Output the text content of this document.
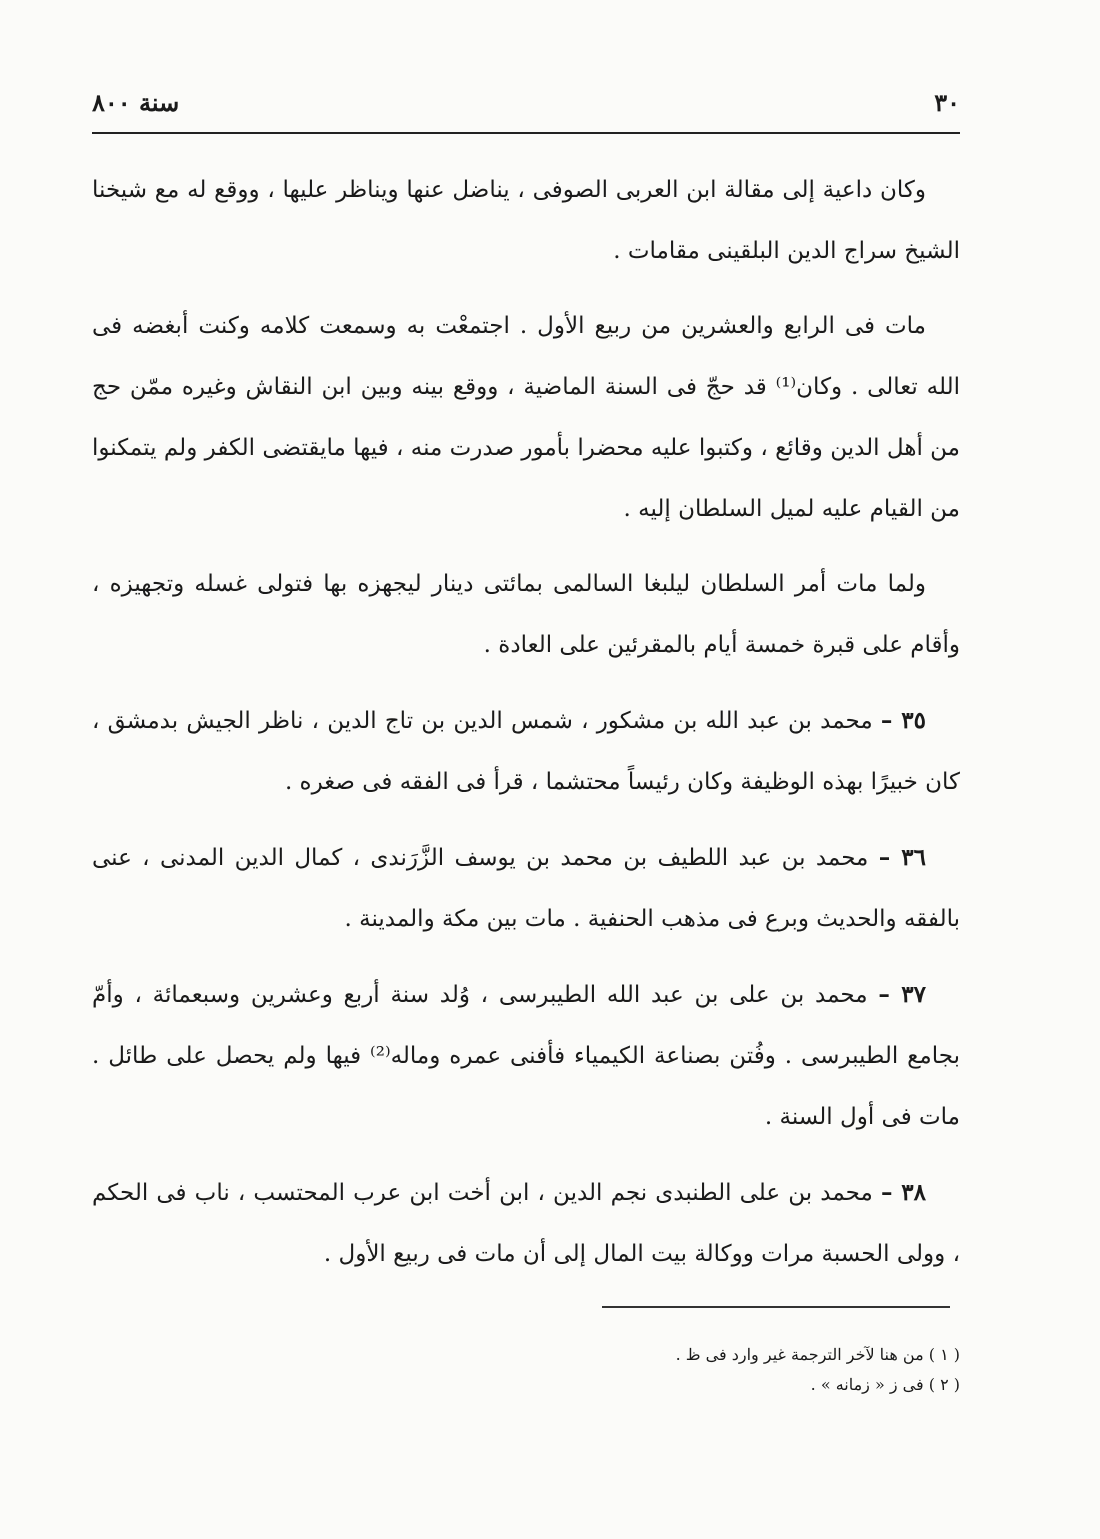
٣٠
سنة ٨٠٠

وكان داعية إلى مقالة ابن العربى الصوفى ، يناضل عنها ويناظر عليها ، ووقع له مع شيخنا الشيخ سراج الدين البلقينى مقامات .

مات فى الرابع والعشرين من ربيع الأول . اجتمعْت به وسمعت كلامه وكنت أبغضه فى الله تعالى . وكان⁽¹⁾ قد حجّ فى السنة الماضية ، ووقع بينه وبين ابن النقاش وغيره ممّن حج من أهل الدين وقائع ، وكتبوا عليه محضرا بأمور صدرت منه ، فيها مايقتضى الكفر ولم يتمكنوا من القيام عليه لميل السلطان إليه .

ولما مات أمر السلطان ليلبغا السالمى بمائتى دينار ليجهزه بها فتولى غسله وتجهيزه ، وأقام على قبرة خمسة أيام بالمقرئين على العادة .

٣٥ – محمد بن عبد الله بن مشكور ، شمس الدين بن تاج الدين ، ناظر الجيش بدمشق ، كان خبيرًا بهذه الوظيفة وكان رئيساً محتشما ، قرأ فى الفقه فى صغره .

٣٦ – محمد بن عبد اللطيف بن محمد بن يوسف الزَّرَندى ، كمال الدين المدنى ، عنى بالفقه والحديث وبرع فى مذهب الحنفية . مات بين مكة والمدينة .

٣٧ – محمد بن على بن عبد الله الطيبرسى ، وُلد سنة أربع وعشرين وسبعمائة ، وأمّ بجامع الطيبرسى . وفُتن بصناعة الكيمياء فأفنى عمره وماله⁽²⁾ فيها ولم يحصل على طائل . مات فى أول السنة .

٣٨ – محمد بن على الطنبدى نجم الدين ، ابن أخت ابن عرب المحتسب ، ناب فى الحكم ، وولى الحسبة مرات ووكالة بيت المال إلى أن مات فى ربيع الأول .

( ١ ) من هنا لآخر الترجمة غير وارد فى ظ .
( ٢ ) فى ز « زمانه » .
